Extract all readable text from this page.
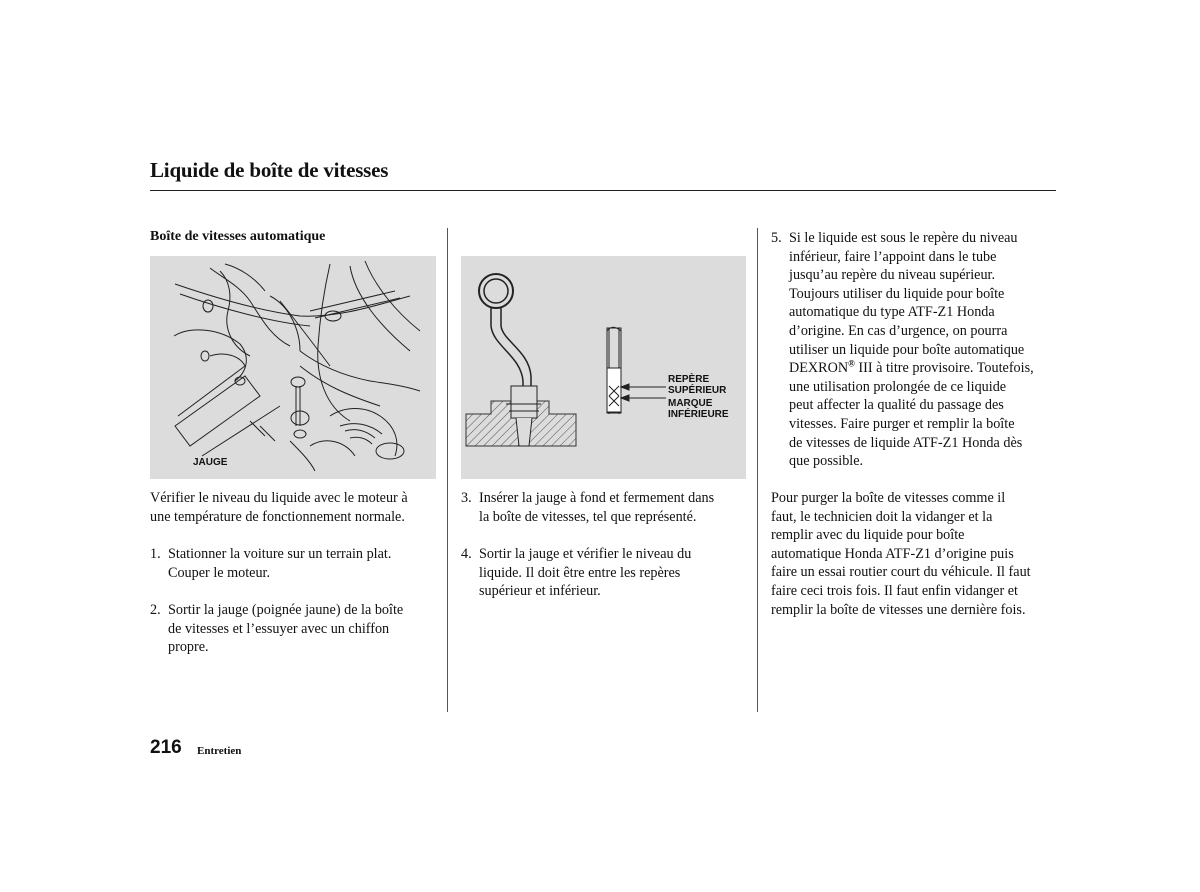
Liquide de boîte de vitesses
Boîte de vitesses automatique
JAUGE
REPÈRE
SUPÉRIEUR
MARQUE
INFÉRIEURE
Vérifier le niveau du liquide avec le moteur à
une température de fonctionnement normale.
1. Stationner la voiture sur un terrain plat.
Couper le moteur.
2. Sortir la jauge (poignée jaune) de la boîte
de vitesses et l’essuyer avec un chiffon
propre.
3. Insérer la jauge à fond et fermement dans
la boîte de vitesses, tel que représenté.
4. Sortir la jauge et vérifier le niveau du
liquide. Il doit être entre les repères
supérieur et inférieur.
5. Si le liquide est sous le repère du niveau
inférieur, faire l’appoint dans le tube
jusqu’au repère du niveau supérieur.
Toujours utiliser du liquide pour boîte
automatique du type ATF-Z1 Honda
d’origine. En cas d’urgence, on pourra
utiliser un liquide pour boîte automatique
DEXRON® III à titre provisoire. Toutefois,
une utilisation prolongée de ce liquide
peut affecter la qualité du passage des
vitesses. Faire purger et remplir la boîte
de vitesses de liquide ATF-Z1 Honda dès
que possible.
Pour purger la boîte de vitesses comme il
faut, le technicien doit la vidanger et la
remplir avec du liquide pour boîte
automatique Honda ATF-Z1 d’origine puis
faire un essai routier court du véhicule. Il faut
faire ceci trois fois. Il faut enfin vidanger et
remplir la boîte de vitesses une dernière fois.
216 Entretien
